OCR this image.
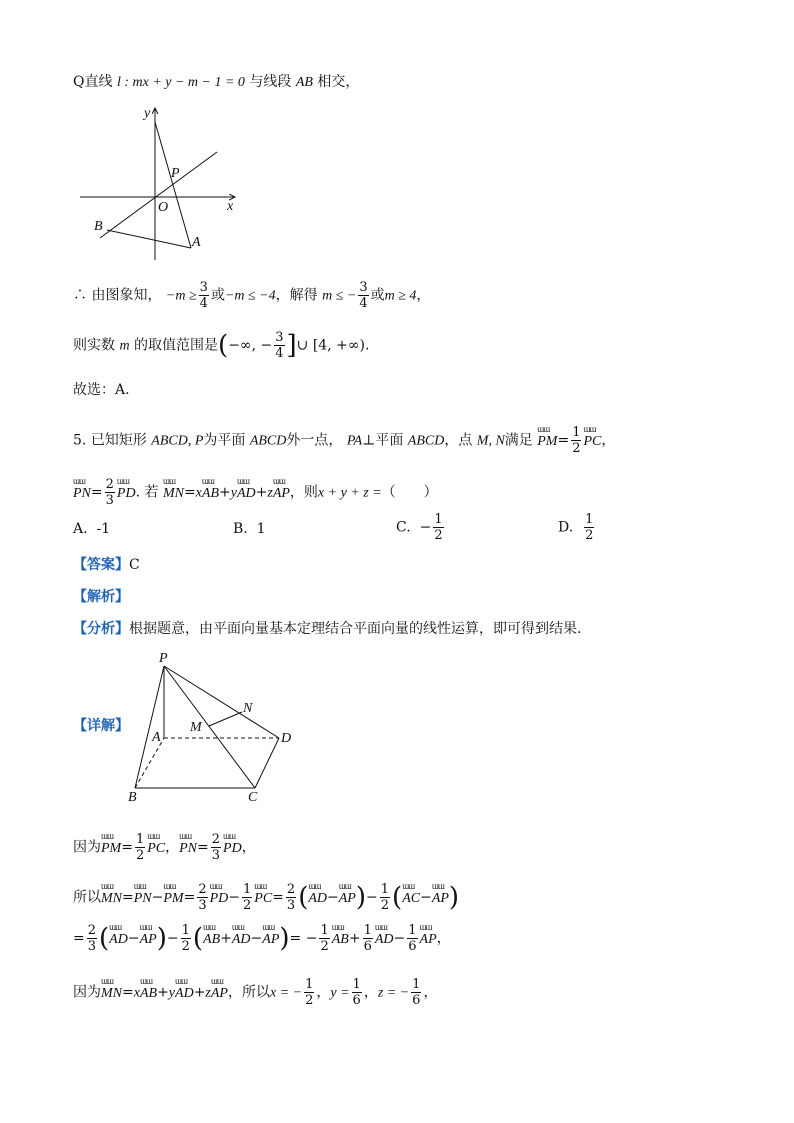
Q直线 l : mx + y − m − 1 = 0 与线段 AB 相交，
y
x
O
P
A
B
∴ 由图象知， $-m \ge \frac{3}{4}$ 或−m ≤ −4，解得 m ≤ − $\frac{3}{4}$ 或m ≥ 4，
则实数 m 的取值范围是(−∞, − $\frac{3}{4}$ ]∪ [4, +∞).
故选：A.
5. 已知矩形 ABCD, P为平面 ABCD外一点， PA⊥平面 ABCD，点 M, N满足 ɯɯ $PM= \frac{1}{2}$ ɯɯ PC，
ɯɯ $PN= \frac{2}{3}$ ɯɯ PD. 若 ɯɯ MN=xɯɯ AB+yɯɯ AD+zɯɯ AP，则x + y + z =（　　）
A. -1	B. 1	C. − $\frac{1}{2}$	D. $\frac{1}{2}$
【答案】C
【解析】
【分析】根据题意，由平面向量基本定理结合平面向量的线性运算，即可得到结果.
【详解】
P
N
M
A	D
B	C
因为ɯɯ $PM= \frac{1}{2}$ ɯɯ PC，ɯɯ $PN= \frac{2}{3}$ ɯɯ PD，
所以ɯɯ MN=ɯɯ PN−ɯɯ $PM= \frac{2}{3}$ ɯɯ $PD- \frac{1}{2}$ ɯɯ $PC= \frac{2}{3}$ (ɯɯ AD−ɯɯ $AP)- \frac{1}{2}$ (ɯɯ AC−ɯɯ AP)
= $\frac{2}{3}$ (ɯɯ AD−ɯɯ $AP)- \frac{1}{2}$ (ɯɯ AB+ɯɯ AD−ɯɯ $AP)= - \frac{1}{2}$ ɯɯ $AB+ \frac{1}{6}$ ɯɯ $AD- \frac{1}{6}$ ɯɯ AP，
因为ɯɯ MN=xɯɯ AB+yɯɯ AD+zɯɯ AP，所以x = − $\frac{1}{2}$ ，$y = \frac{1}{6}$ ，z = − $\frac{1}{6}$ ，
